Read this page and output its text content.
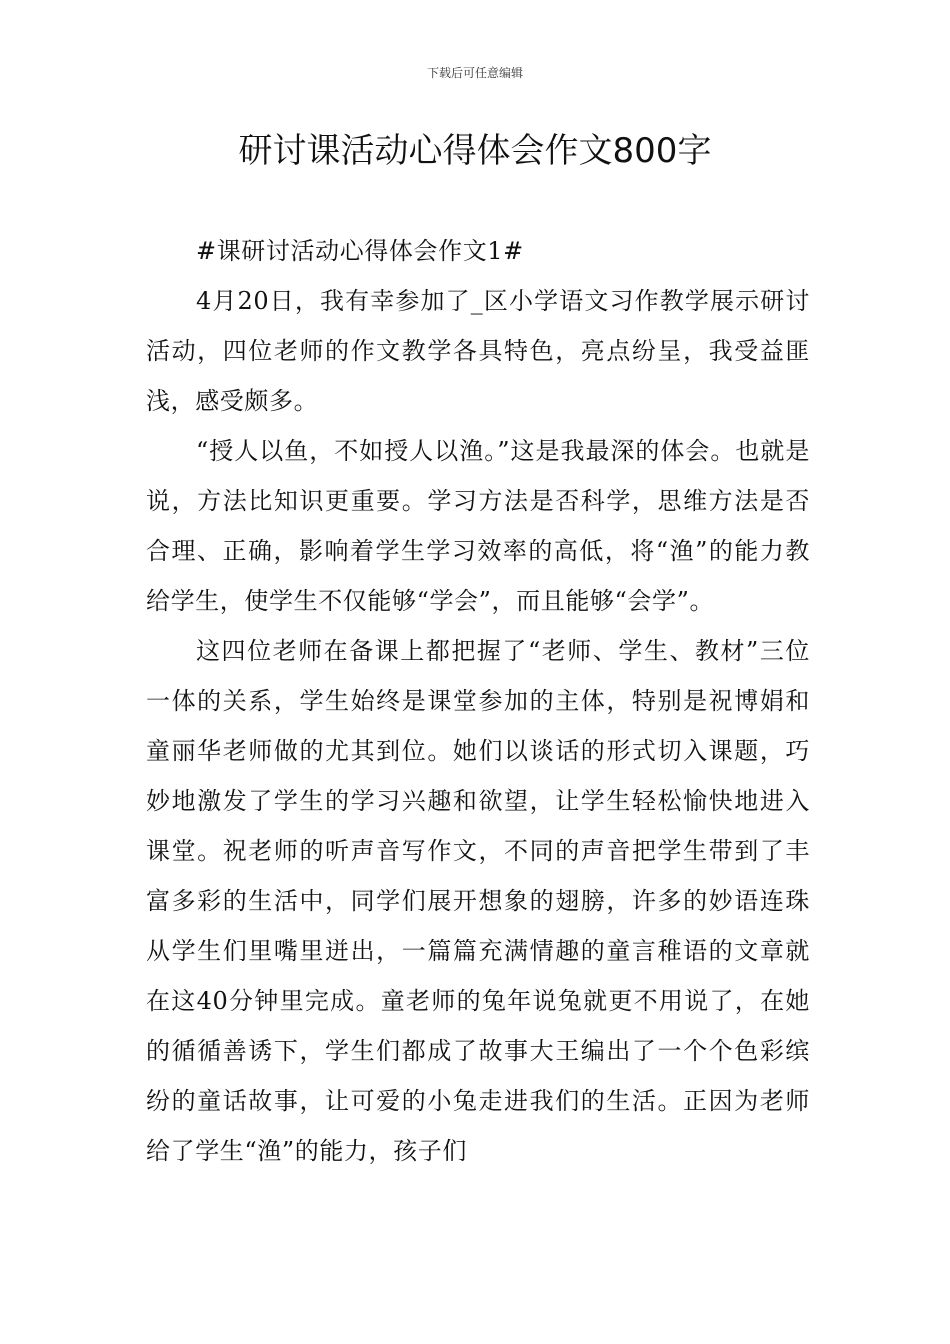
下载后可任意编辑
研讨课活动心得体会作文800字

#课研讨活动心得体会作文1#

4月20日，我有幸参加了_区小学语文习作教学展示研讨活动，四位老师的作文教学各具特色，亮点纷呈，我受益匪浅，感受颇多。

“授人以鱼，不如授人以渔。”这是我最深的体会。也就是说，方法比知识更重要。学习方法是否科学，思维方法是否合理、正确，影响着学生学习效率的高低，将“渔”的能力教给学生，使学生不仅能够“学会”，而且能够“会学”。

这四位老师在备课上都把握了“老师、学生、教材”三位一体的关系，学生始终是课堂参加的主体，特别是祝博娟和童丽华老师做的尤其到位。她们以谈话的形式切入课题，巧妙地激发了学生的学习兴趣和欲望，让学生轻松愉快地进入课堂。祝老师的听声音写作文，不同的声音把学生带到了丰富多彩的生活中，同学们展开想象的翅膀，许多的妙语连珠从学生们里嘴里迸出，一篇篇充满情趣的童言稚语的文章就在这40分钟里完成。童老师的兔年说兔就更不用说了，在她的循循善诱下，学生们都成了故事大王编出了一个个色彩缤纷的童话故事，让可爱的小兔走进我们的生活。正因为老师给了学生“渔”的能力，孩子们
